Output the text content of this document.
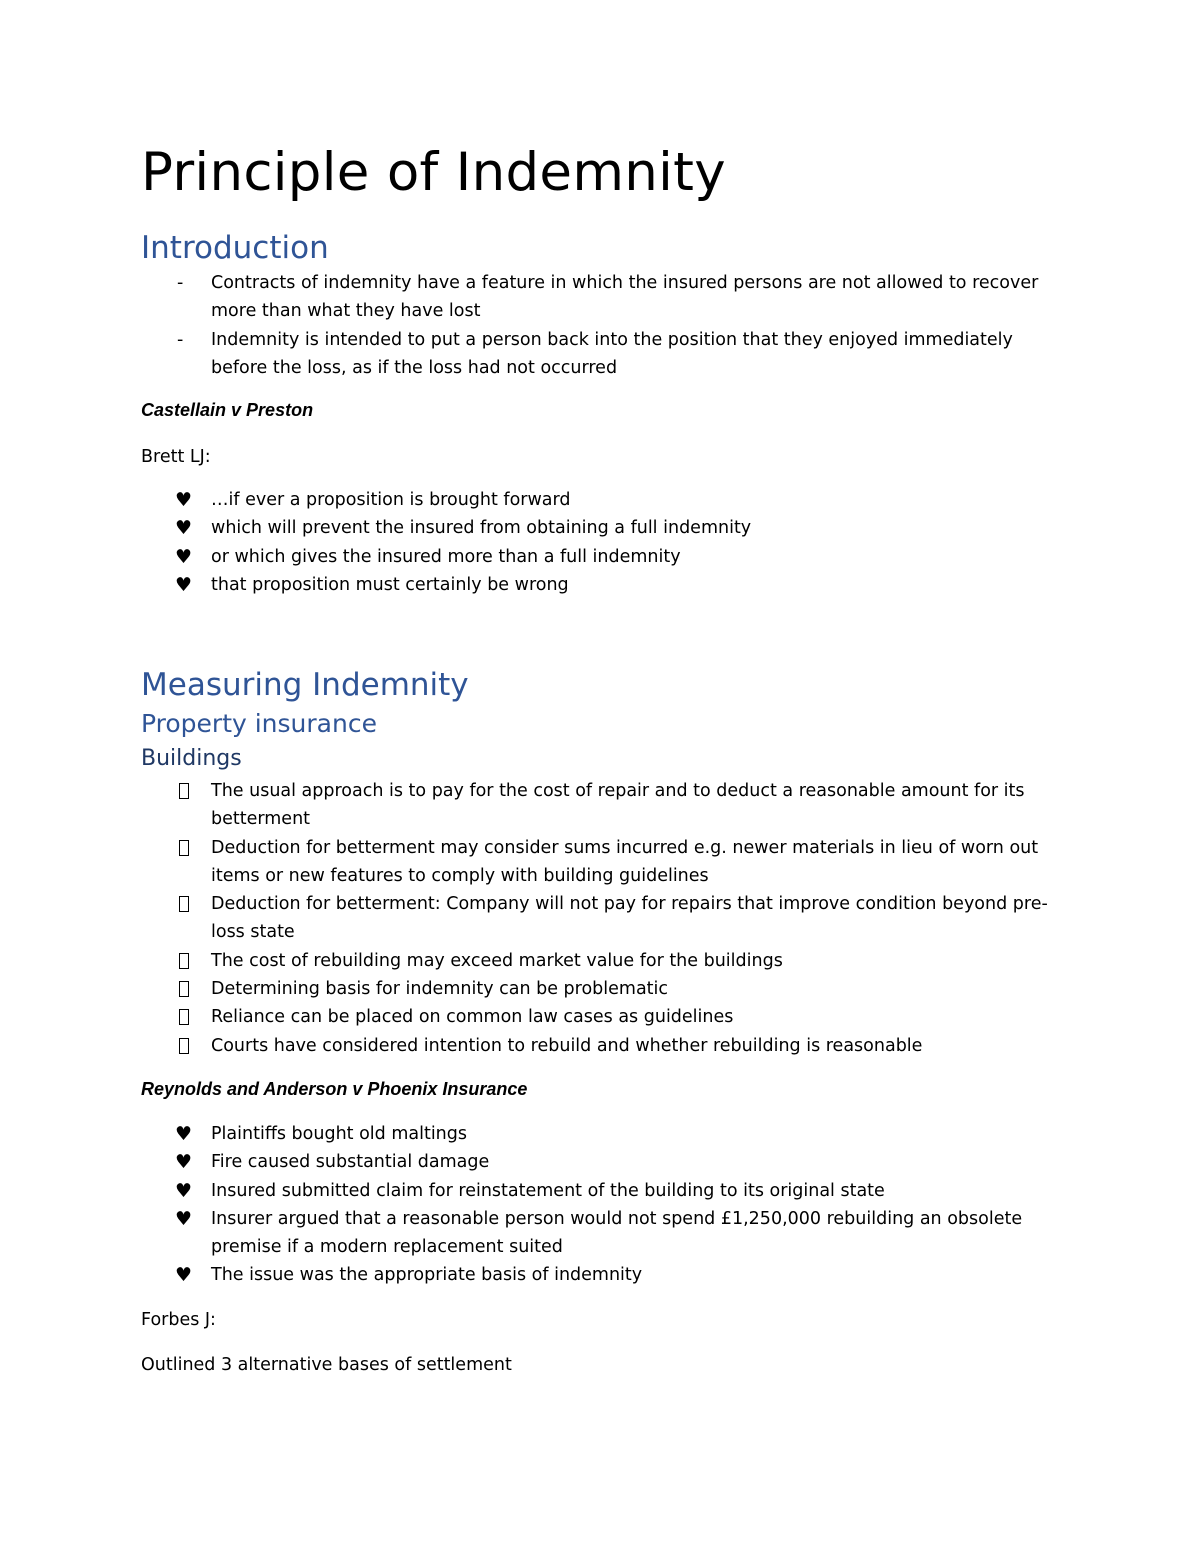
Principle of Indemnity
Introduction
-	Contracts of indemnity have a feature in which the insured persons are not allowed to recover more than what they have lost
-	Indemnity is intended to put a person back into the position that they enjoyed immediately before the loss, as if the loss had not occurred

Castellain v Preston

Brett LJ:

♥	…if ever a proposition is brought forward
♥	which will prevent the insured from obtaining a full indemnity
♥	or which gives the insured more than a full indemnity
♥	that proposition must certainly be wrong
Measuring Indemnity
Property insurance
Buildings
The usual approach is to pay for the cost of repair and to deduct a reasonable amount for its betterment
Deduction for betterment may consider sums incurred e.g. newer materials in lieu of worn out items or new features to comply with building guidelines
Deduction for betterment: Company will not pay for repairs that improve condition beyond pre-loss state
The cost of rebuilding may exceed market value for the buildings
Determining basis for indemnity can be problematic
Reliance can be placed on common law cases as guidelines
Courts have considered intention to rebuild and whether rebuilding is reasonable

Reynolds and Anderson v Phoenix Insurance

♥	Plaintiffs bought old maltings
♥	Fire caused substantial damage
♥	Insured submitted claim for reinstatement of the building to its original state
♥	Insurer argued that a reasonable person would not spend £1,250,000 rebuilding an obsolete premise if a modern replacement suited
♥	The issue was the appropriate basis of indemnity

Forbes J:

Outlined 3 alternative bases of settlement
